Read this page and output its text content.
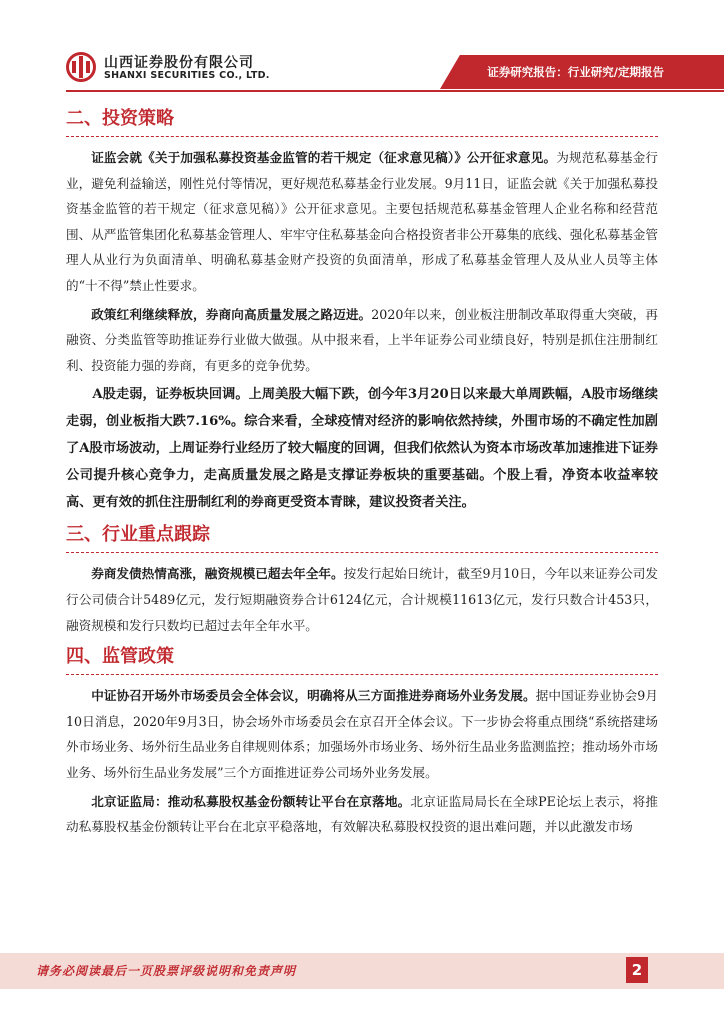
山西证券股份有限公司
SHANXI SECURITIES CO., LTD.	证券研究报告：行业研究/定期报告
二、投资策略

证监会就《关于加强私募投资基金监管的若干规定（征求意见稿）》公开征求意见。为规范私募基金行业，避免利益输送，刚性兑付等情况，更好规范私募基金行业发展。9月11日，证监会就《关于加强私募投资基金监管的若干规定（征求意见稿）》公开征求意见。主要包括规范私募基金管理人企业名称和经营范围、从严监管集团化私募基金管理人、牢牢守住私募基金向合格投资者非公开募集的底线、强化私募基金管理人从业行为负面清单、明确私募基金财产投资的负面清单，形成了私募基金管理人及从业人员等主体的“十不得”禁止性要求。

政策红利继续释放，券商向高质量发展之路迈进。2020年以来，创业板注册制改革取得重大突破，再融资、分类监管等助推证券行业做大做强。从中报来看，上半年证券公司业绩良好，特别是抓住注册制红利、投资能力强的券商，有更多的竞争优势。

A股走弱，证券板块回调。上周美股大幅下跌，创今年3月20日以来最大单周跌幅，A股市场继续走弱，创业板指大跌7.16%。综合来看，全球疫情对经济的影响依然持续，外围市场的不确定性加剧了A股市场波动，上周证券行业经历了较大幅度的回调，但我们依然认为资本市场改革加速推进下证券公司提升核心竞争力，走高质量发展之路是支撑证券板块的重要基础。个股上看，净资本收益率较高、更有效的抓住注册制红利的券商更受资本青睐，建议投资者关注。

三、行业重点跟踪

券商发债热情高涨，融资规模已超去年全年。按发行起始日统计，截至9月10日，今年以来证券公司发行公司债合计5489亿元，发行短期融资券合计6124亿元，合计规模11613亿元，发行只数合计453只，融资规模和发行只数均已超过去年全年水平。

四、监管政策

中证协召开场外市场委员会全体会议，明确将从三方面推进券商场外业务发展。据中国证券业协会9月10日消息，2020年9月3日，协会场外市场委员会在京召开全体会议。下一步协会将重点围绕“系统搭建场外市场业务、场外衍生品业务自律规则体系；加强场外市场业务、场外衍生品业务监测监控；推动场外市场业务、场外衍生品业务发展”三个方面推进证券公司场外业务发展。

北京证监局：推动私募股权基金份额转让平台在京落地。北京证监局局长在全球PE论坛上表示，将推动私募股权基金份额转让平台在北京平稳落地，有效解决私募股权投资的退出难问题，并以此激发市场

请务必阅读最后一页股票评级说明和免责声明	2
